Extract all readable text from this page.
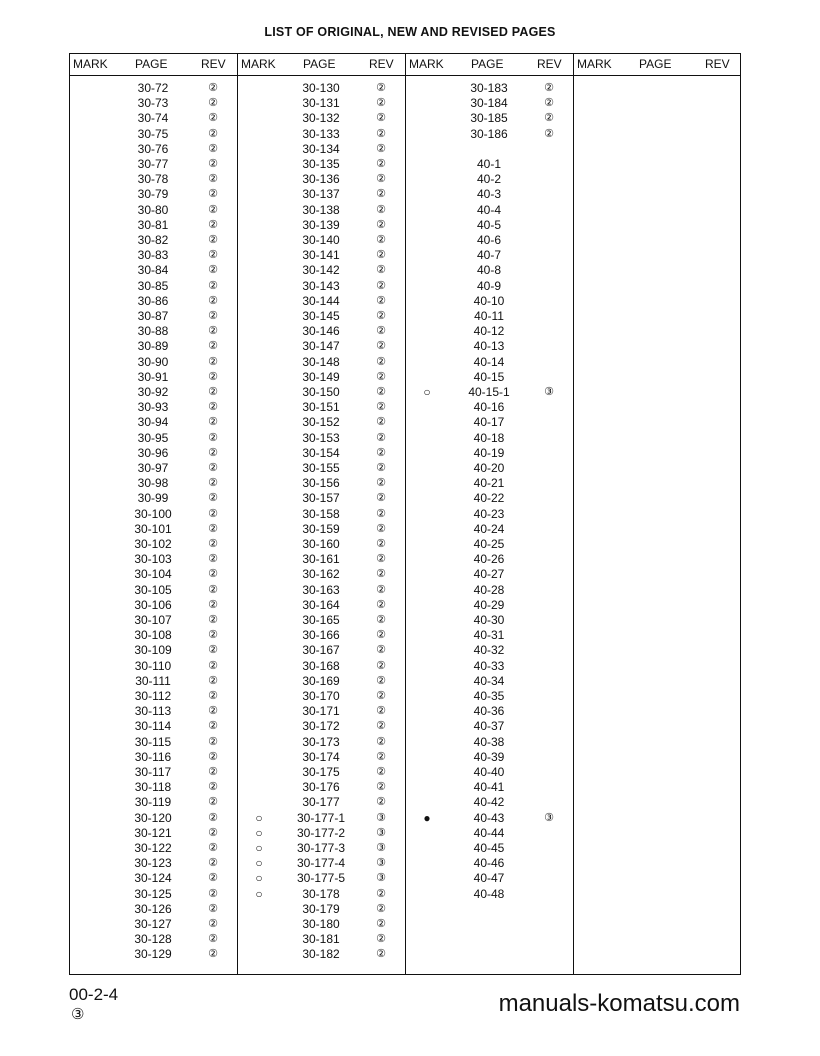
LIST OF ORIGINAL, NEW AND REVISED PAGES
MARK PAGE	REV
30-72	②
30-73	②
30-74	②
30-75	②
30-76	②
30-77	②
30-78	②
30-79	②
30-80	②
30-81	②
30-82	②
30-83	②
30-84	②
30-85	②
30-86	②
30-87	②
30-88	②
30-89	②
30-90	②
30-91	②
30-92	②
30-93	②
30-94	②
30-95	②
30-96	②
30-97	②
30-98	②
30-99	②
30-100	②
30-101	②
30-102	②
30-103	②
30-104	②
30-105	②
30-106	②
30-107	②
30-108	②
30-109	②
30-110	②
30-111	②
30-112	②
30-113	②
30-114	②
30-115	②
30-116	②
30-117	②
30-118	②
30-119	②
30-120	②
30-121	②
30-122	②
30-123	②
30-124	②
30-125	②
30-126	②
30-127	②
30-128	②
30-129	②
MARK PAGE	REV
30-130	②
30-131	②
30-132	②
30-133	②
30-134	②
30-135	②
30-136	②
30-137	②
30-138	②
30-139	②
30-140	②
30-141	②
30-142	②
30-143	②
30-144	②
30-145	②
30-146	②
30-147	②
30-148	②
30-149	②
30-150	②
30-151	②
30-152	②
30-153	②
30-154	②
30-155	②
30-156	②
30-157	②
30-158	②
30-159	②
30-160	②
30-161	②
30-162	②
30-163	②
30-164	②
30-165	②
30-166	②
30-167	②
30-168	②
30-169	②
30-170	②
30-171	②
30-172	②
30-173	②
30-174	②
30-175	②
30-176	②
30-177	②
○	30-177-1	③
○	30-177-2	③
○	30-177-3	③
○	30-177-4	③
○	30-177-5	③
○	30-178	②
30-179	②
30-180	②
30-181	②
30-182	②
MARK PAGE	REV
30-183	②
30-184	②
30-185	②
30-186	②
40-1
40-2
40-3
40-4
40-5
40-6
40-7
40-8
40-9
40-10
40-11
40-12
40-13
40-14
40-15
○	40-15-1	③
40-16
40-17
40-18
40-19
40-20
40-21
40-22
40-23
40-24
40-25
40-26
40-27
40-28
40-29
40-30
40-31
40-32
40-33
40-34
40-35
40-36
40-37
40-38
40-39
40-40
40-41
40-42
●	40-43	③
40-44
40-45
40-46
40-47
40-48
MARK PAGE	REV
manuals-komatsu.com
00-2-4
③
